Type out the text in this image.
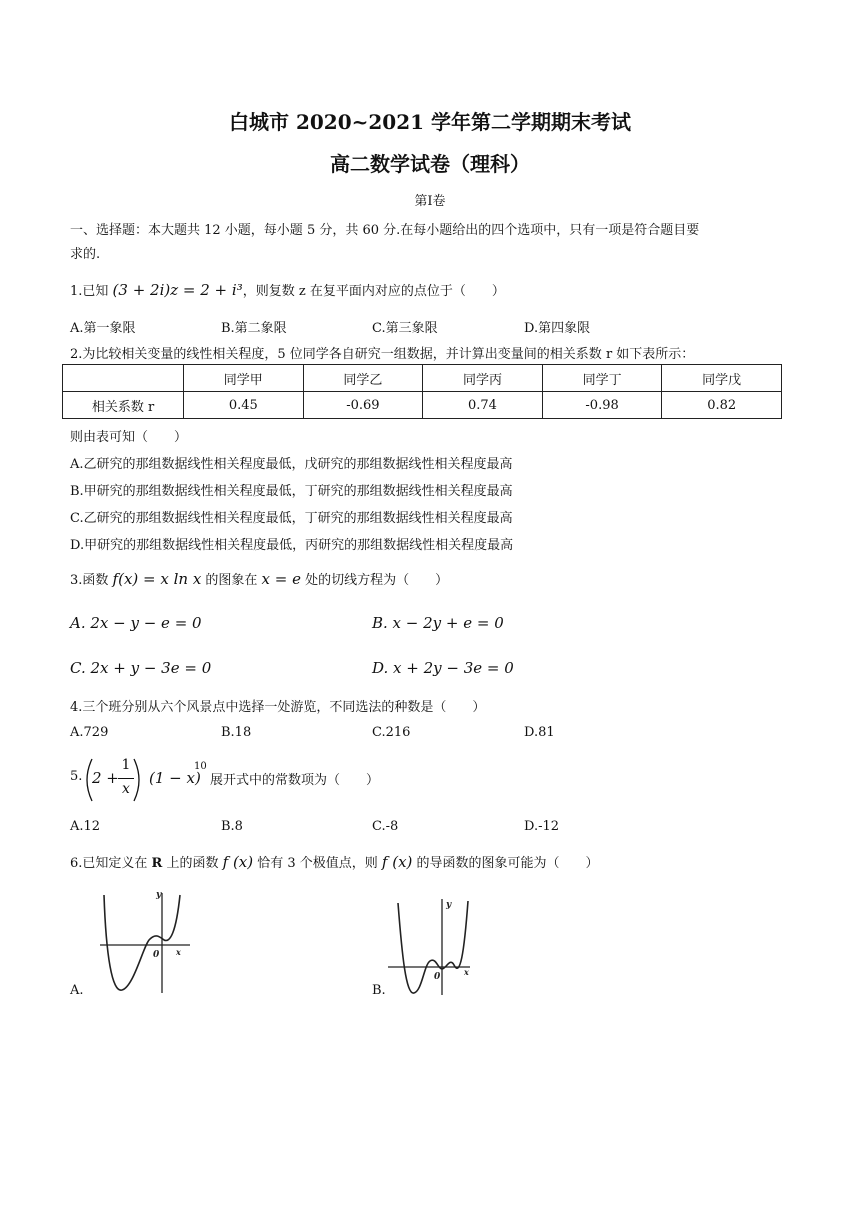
白城市 2020~2021 学年第二学期期末考试
高二数学试卷（理科）
第Ⅰ卷
一、选择题：本大题共 12 小题，每小题 5 分，共 60 分.在每小题给出的四个选项中，只有一项是符合题目要
求的.
1.已知 (3 + 2i)z = 2 + i³，则复数 z 在复平面内对应的点位于（　　）
A.第一象限	B.第二象限	C.第三象限	D.第四象限
2.为比较相关变量的线性相关程度，5 位同学各自研究一组数据，并计算出变量间的相关系数 r 如下表所示：
	同学甲	同学乙	同学丙	同学丁	同学戊
相关系数 r	0.45	-0.69	0.74	-0.98	0.82
则由表可知（　　）
A.乙研究的那组数据线性相关程度最低，戊研究的那组数据线性相关程度最高
B.甲研究的那组数据线性相关程度最低，丁研究的那组数据线性相关程度最高
C.乙研究的那组数据线性相关程度最低，丁研究的那组数据线性相关程度最高
D.甲研究的那组数据线性相关程度最低，丙研究的那组数据线性相关程度最高
3.函数 f(x) = x ln x 的图象在 x = e 处的切线方程为（　　）
A. 2x − y − e = 0	B. x − 2y + e = 0
C. 2x + y − 3e = 0	D. x + 2y − 3e = 0
4.三个班分别从六个风景点中选择一处游览，不同选法的种数是（　　）
A.729	B.18	C.216	D.81
5. 2 +
1
x
(1 − x)
10
展开式中的常数项为（　　）
A.12	B.8	C.-8	D.-12
6.已知定义在 R 上的函数 f (x) 恰有 3 个极值点，则 f (x) 的导函数的图象可能为（　　）
A.
y
0 x
B.
y
0	x
